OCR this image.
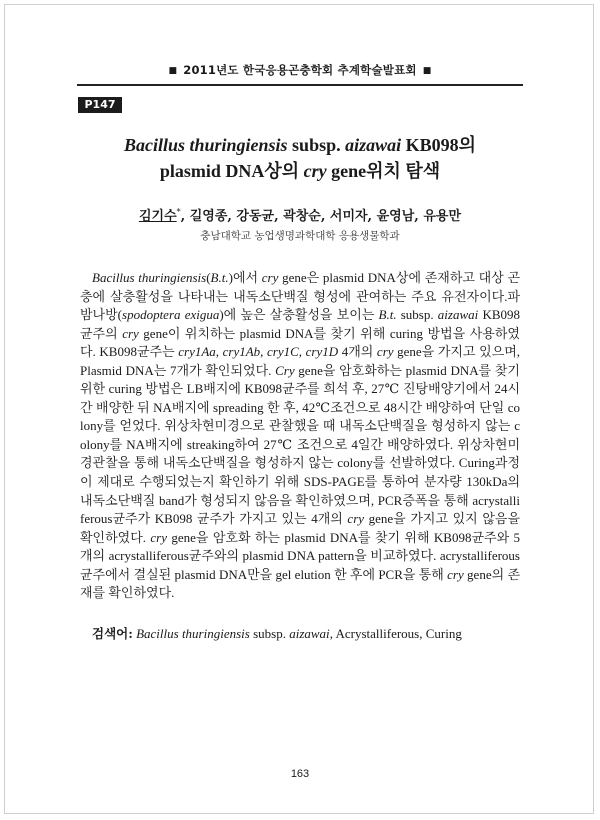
■ 2011년도 한국응용곤충학회 추계학술발표회 ■
P147
Bacillus thuringiensis subsp. aizawai KB098의
plasmid DNA상의 cry gene위치 탐색
김기수*, 길영종, 강동균, 곽창순, 서미자, 윤영남, 유용만
충남대학교 농업생명과학대학 응용생물학과

Bacillus thuringiensis(B.t.)에서 cry gene은 plasmid DNA상에 존재하고 대상 곤충에 살충활성을 나타내는 내독소단백질 형성에 관여하는 주요 유전자이다.파밤나방(spodoptera exigua)에 높은 살충활성을 보이는 B.t. subsp. aizawai KB098 균주의 cry gene이 위치하는 plasmid DNA를 찾기 위해 curing 방법을 사용하였다. KB098균주는 cry1Aa, cry1Ab, cry1C, cry1D 4개의 cry gene을 가지고 있으며, Plasmid DNA는 7개가 확인되었다. Cry gene을 암호화하는 plasmid DNA를 찾기 위한 curing 방법은 LB배지에 KB098균주를 희석 후, 27℃ 진탕배양기에서 24시간 배양한 뒤 NA배지에 spreading 한 후, 42℃조건으로 48시간 배양하여 단일 colony를 얻었다. 위상차현미경으로 관찰했을 때 내독소단백질을 형성하지 않는 colony를 NA배지에 streaking하여 27℃ 조건으로 4일간 배양하였다. 위상차현미경관찰을 통해 내독소단백질을 형성하지 않는 colony를 선발하였다. Curing과정이 제대로 수행되었는지 확인하기 위해 SDS-PAGE를 통하여 분자량 130kDa의 내독소단백질 band가 형성되지 않음을 확인하였으며, PCR증폭을 통해 acrystalliferous균주가 KB098 균주가 가지고 있는 4개의 cry gene을 가지고 있지 않음을 확인하였다. cry gene을 암호화 하는 plasmid DNA를 찾기 위해 KB098균주와 5개의 acrystalliferous균주와의 plasmid DNA pattern을 비교하였다. acrystalliferous 균주에서 결실된 plasmid DNA만을 gel elution 한 후에 PCR을 통해 cry gene의 존재를 확인하였다.

검색어: Bacillus thuringiensis subsp. aizawai, Acrystalliferous, Curing
163
